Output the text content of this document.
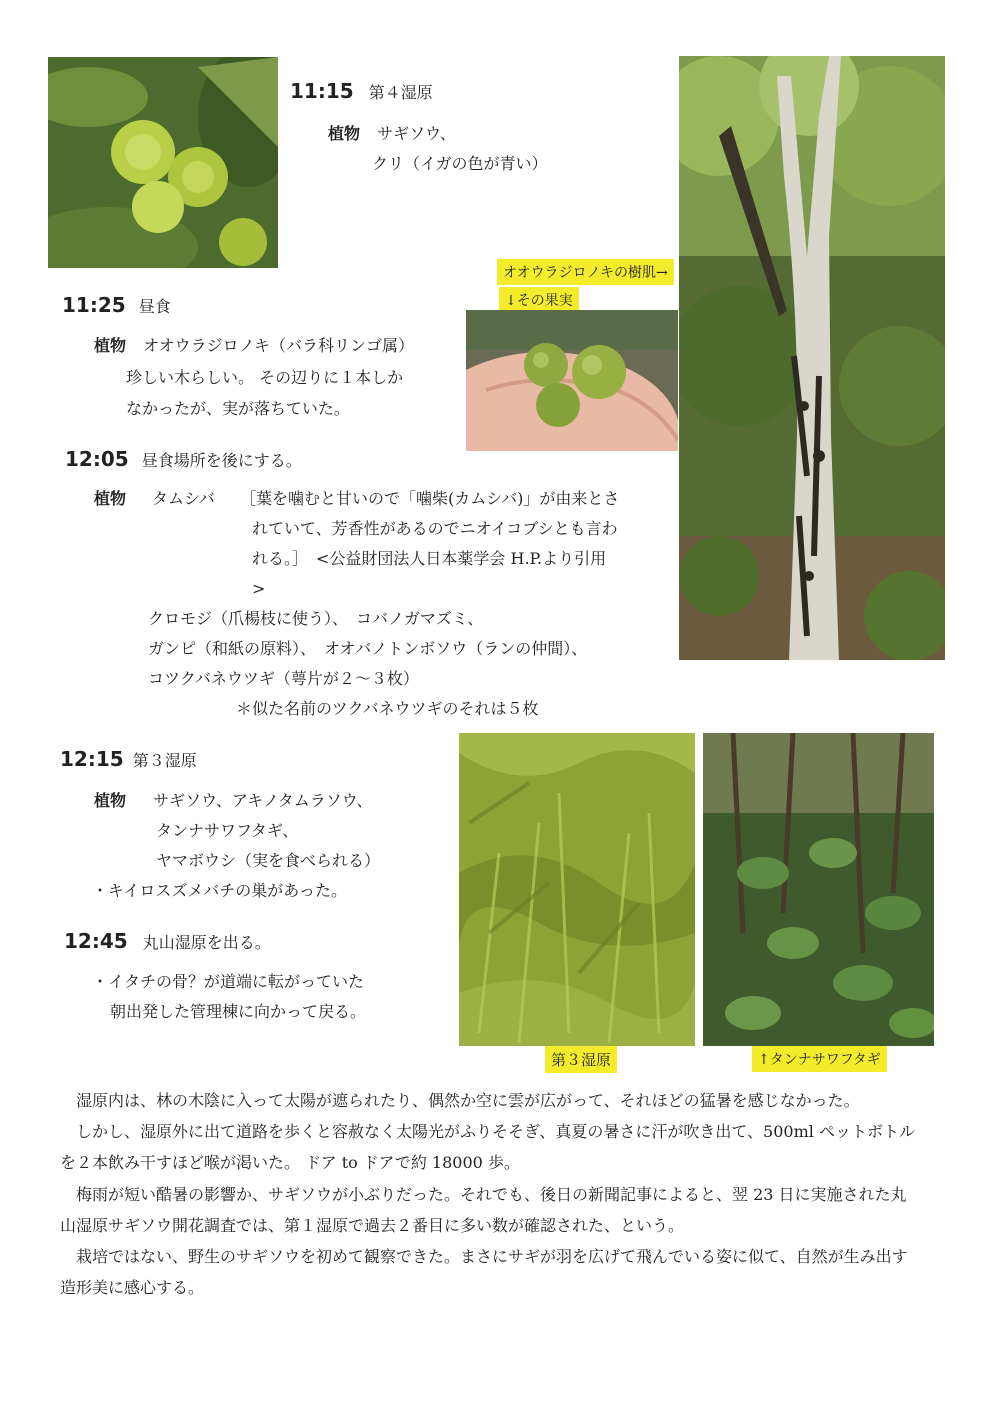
11:15 第４湿原
植物 サギソウ、
クリ（イガの色が青い）
オオウラジロノキの樹肌→
↓その果実
11:25 昼食
植物 オオウラジロノキ（バラ科リンゴ属）
珍しい木らしい。 その辺りに１本しか
なかったが、実が落ちていた。
12:05 昼食場所を後にする。
植物 タムシバ ［葉を噛むと甘いので「噛柴(カムシバ)」が由来とさ
れていて、芳香性があるのでニオイコブシとも言わ
れる。］　<公益財団法人日本薬学会 H.P.より引用
>
クロモジ（爪楊枝に使う）、　コバノガマズミ、
ガンピ（和紙の原料）、　オオバノトンボソウ（ランの仲間）、
コツクバネウツギ（萼片が２～３枚）
＊似た名前のツクバネウツギのそれは５枚
12:15 第３湿原
植物 サギソウ、アキノタムラソウ、
タンナサワフタギ、
ヤマボウシ（実を食べられる）
・キイロスズメバチの巣があった。
12:45 丸山湿原を出る。
・イタチの骨？が道端に転がっていた
朝出発した管理棟に向かって戻る。
第３湿原	↑タンナサワフタギ

湿原内は、林の木陰に入って太陽が遮られたり、偶然か空に雲が広がって、それほどの猛暑を感じなかった。

しかし、湿原外に出て道路を歩くと容赦なく太陽光がふりそそぎ、真夏の暑さに汗が吹き出て、500ml ペットボトルを２本飲み干すほど喉が渇いた。 ドア to ドアで約 18000 歩。

梅雨が短い酷暑の影響か、サギソウが小ぶりだった。それでも、後日の新聞記事によると、翌 23 日に実施された丸山湿原サギソウ開花調査では、第１湿原で過去２番目に多い数が確認された、という。

栽培ではない、野生のサギソウを初めて観察できた。まさにサギが羽を広げて飛んでいる姿に似て、自然が生み出す造形美に感心する。
